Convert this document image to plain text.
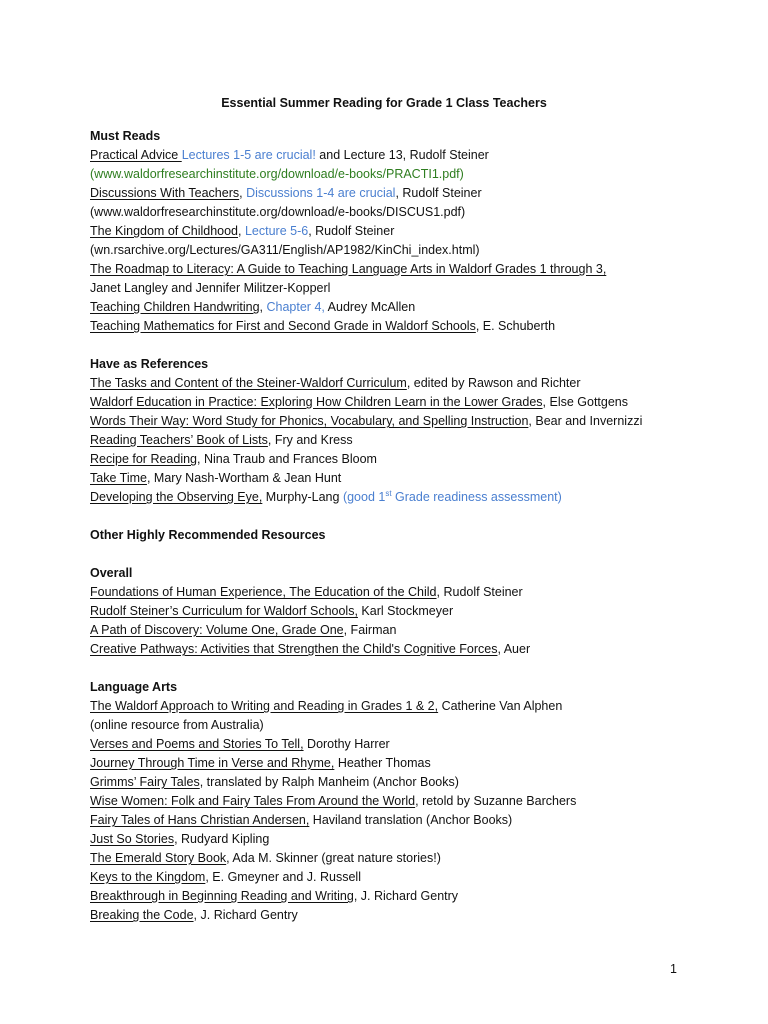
Essential Summer Reading for Grade 1 Class Teachers
Must Reads
Practical Advice Lectures 1-5 are crucial! and Lecture 13, Rudolf Steiner
(www.waldorfresearchinstitute.org/download/e-books/PRACTI1.pdf)
Discussions With Teachers, Discussions 1-4 are crucial, Rudolf Steiner
(www.waldorfresearchinstitute.org/download/e-books/DISCUS1.pdf)
The Kingdom of Childhood, Lecture 5-6, Rudolf Steiner
(wn.rsarchive.org/Lectures/GA311/English/AP1982/KinChi_index.html)
The Roadmap to Literacy: A Guide to Teaching Language Arts in Waldorf Grades 1 through 3,
Janet Langley and Jennifer Militzer-Kopperl
Teaching Children Handwriting, Chapter 4, Audrey McAllen
Teaching Mathematics for First and Second Grade in Waldorf Schools, E. Schuberth
Have as References
The Tasks and Content of the Steiner-Waldorf Curriculum, edited by Rawson and Richter
Waldorf Education in Practice: Exploring How Children Learn in the Lower Grades, Else Gottgens
Words Their Way: Word Study for Phonics, Vocabulary, and Spelling Instruction, Bear and Invernizzi
Reading Teachers’ Book of Lists, Fry and Kress
Recipe for Reading, Nina Traub and Frances Bloom
Take Time, Mary Nash-Wortham & Jean Hunt
Developing the Observing Eye, Murphy-Lang (good 1st Grade readiness assessment)
Other Highly Recommended Resources
Overall
Foundations of Human Experience, The Education of the Child, Rudolf Steiner
Rudolf Steiner’s Curriculum for Waldorf Schools, Karl Stockmeyer
A Path of Discovery: Volume One, Grade One, Fairman
Creative Pathways: Activities that Strengthen the Child's Cognitive Forces, Auer
Language Arts
The Waldorf Approach to Writing and Reading in Grades 1 & 2, Catherine Van Alphen
(online resource from Australia)
Verses and Poems and Stories To Tell, Dorothy Harrer
Journey Through Time in Verse and Rhyme, Heather Thomas
Grimms’ Fairy Tales, translated by Ralph Manheim (Anchor Books)
Wise Women: Folk and Fairy Tales From Around the World, retold by Suzanne Barchers
Fairy Tales of Hans Christian Andersen, Haviland translation (Anchor Books)
Just So Stories, Rudyard Kipling
The Emerald Story Book, Ada M. Skinner (great nature stories!)
Keys to the Kingdom, E. Gmeyner and J. Russell
Breakthrough in Beginning Reading and Writing, J. Richard Gentry
Breaking the Code, J. Richard Gentry
1
